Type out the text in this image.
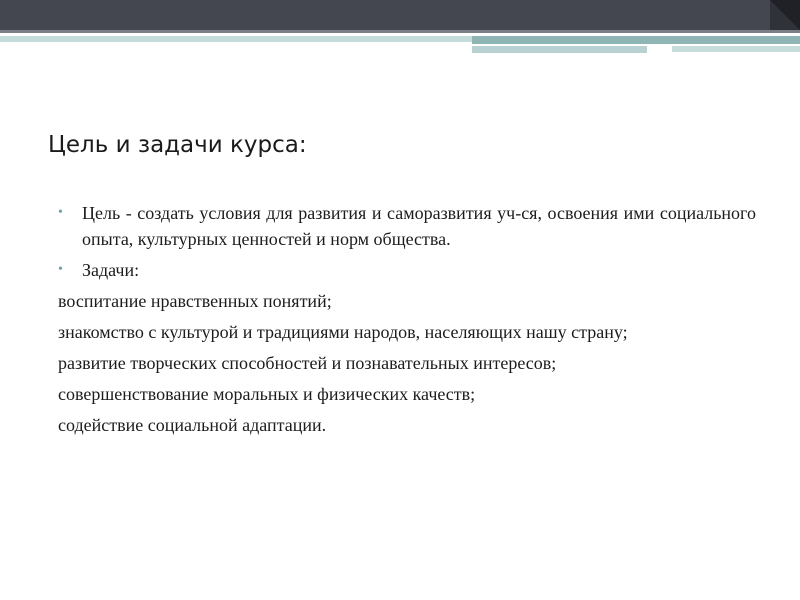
Цель и задачи курса:
• Цель - создать условия для развития и саморазвития уч-ся, освоения ими социального опыта, культурных ценностей и норм общества.
• Задачи:
воспитание нравственных понятий;
знакомство с культурой и традициями народов, населяющих нашу страну;
развитие творческих способностей и познавательных интересов;
совершенствование моральных и физических качеств;
содействие социальной адаптации.
